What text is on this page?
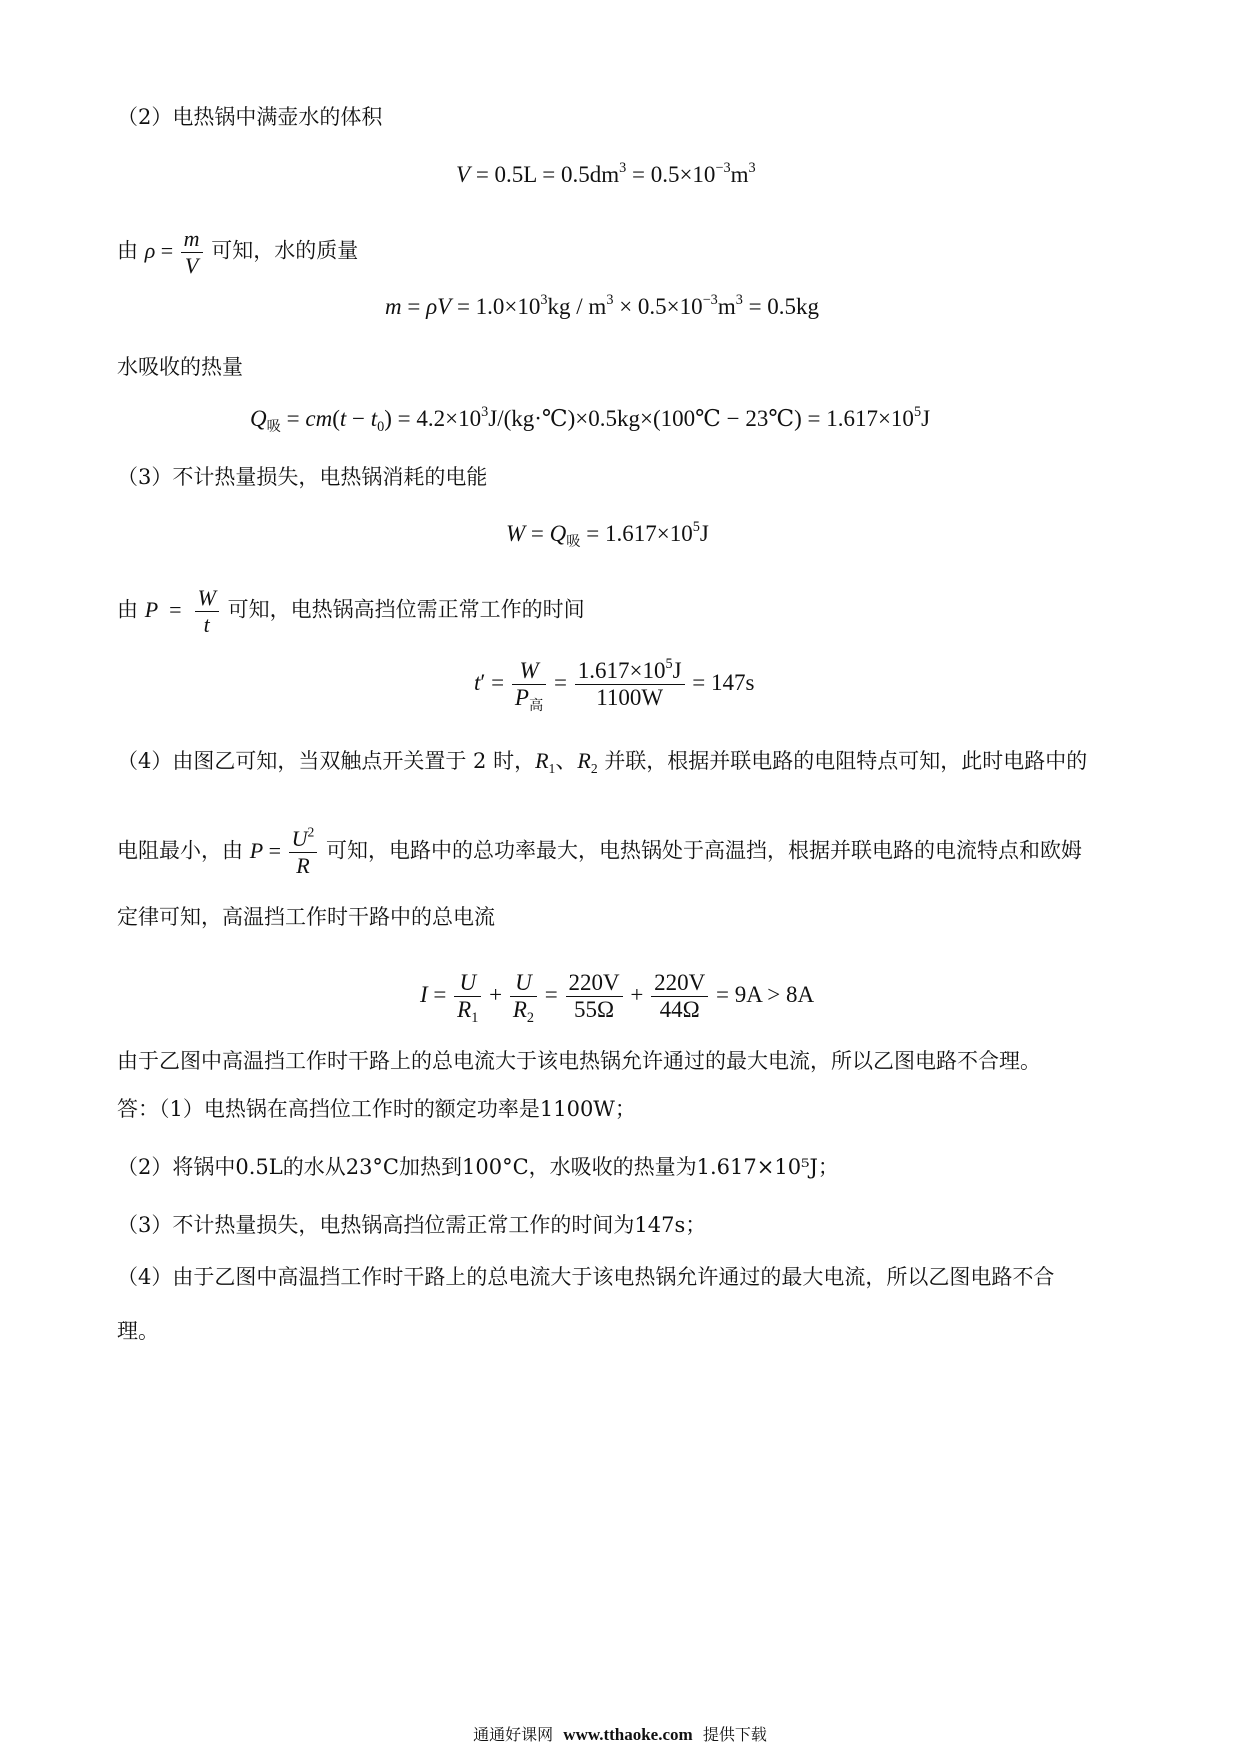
（2）电热锅中满壶水的体积
$V = 0.5L = 0.5dm^3 = 0.5\times 10^{-3}m^3$
由 $\rho = \frac{m}{V}$ 可知，水的质量
$m = \rho V = 1.0\times 10^3kg / m^3 \times 0.5\times 10^{-3}m^3 = 0.5kg$
水吸收的热量
$Q_吸 = cm(t - t_0)$ = $4.2\times 10^3J/(kg\cdot℃)\times 0.5kg\times(100℃$ − 23℃) = $1.617\times 10^5J$
（3）不计热量损失，电热锅消耗的电能
$W = Q_吸 = 1.617\times 10^5J$
由 $P = \frac{W}{t}$ 可知，电热锅高挡位需正常工作的时间
$t' = \frac{W}{P_高} = \frac{1.617\times 10^5J}{1100W} = 147s$
（4）由图乙可知，当双触点开关置于 2 时，$R_1$、$R_2$ 并联，根据并联电路的电阻特点可知，此时电路中的
电阻最小，由 $P = \frac{U^2}{R}$ 可知，电路中的总功率最大，电热锅处于高温挡，根据并联电路的电流特点和欧姆
定律可知，高温挡工作时干路中的总电流
$I = \frac{U}{R_1} + \frac{U}{R_2} = \frac{220V}{55\Omega} + \frac{220V}{44\Omega} = 9A > 8A$
由于乙图中高温挡工作时干路上的总电流大于该电热锅允许通过的最大电流，所以乙图电路不合理。
答：（1）电热锅在高挡位工作时的额定功率是1100W；
（2）将锅中0.5L的水从23°C加热到100°C，水吸收的热量为1.617×10⁵J；
（3）不计热量损失，电热锅高挡位需正常工作的时间为147s；
（4）由于乙图中高温挡工作时干路上的总电流大于该电热锅允许通过的最大电流，所以乙图电路不合
理。
通通好课网 www.tthaoke.com 提供下载
